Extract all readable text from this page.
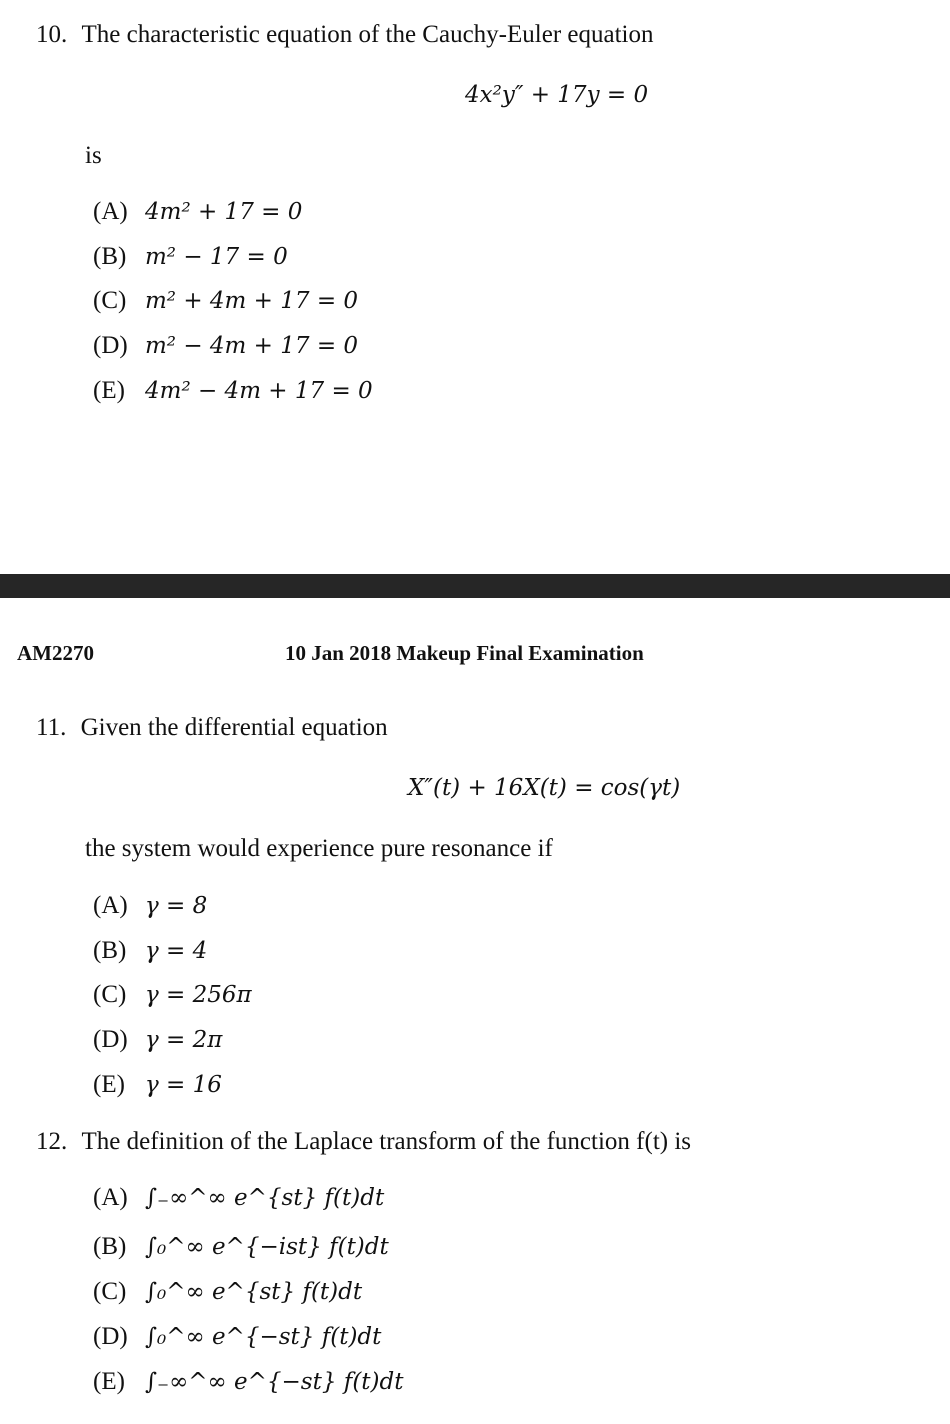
10. The characteristic equation of the Cauchy-Euler equation
4x²y″ + 17y = 0
is
(A) 4m² + 17 = 0
(B) m² − 17 = 0
(C) m² + 4m + 17 = 0
(D) m² − 4m + 17 = 0
(E) 4m² − 4m + 17 = 0
AM2270	10 Jan 2018 Makeup Final Examination
11. Given the differential equation
X″(t) + 16X(t) = cos(γt)
the system would experience pure resonance if
(A) γ = 8
(B) γ = 4
(C) γ = 256π
(D) γ = 2π
(E) γ = 16
12. The definition of the Laplace transform of the function f(t) is
(A) ∫₋∞^∞ e^{st} f(t)dt
(B) ∫₀^∞ e^{−ist} f(t)dt
(C) ∫₀^∞ e^{st} f(t)dt
(D) ∫₀^∞ e^{−st} f(t)dt
(E) ∫₋∞^∞ e^{−st} f(t)dt
